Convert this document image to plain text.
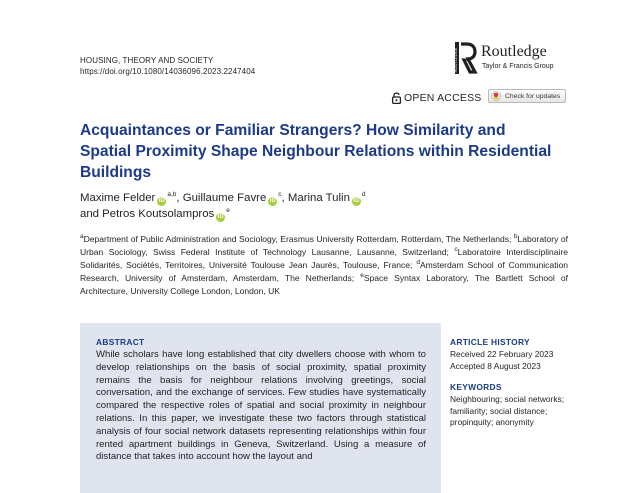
HOUSING, THEORY AND SOCIETY
https://doi.org/10.1080/14036096.2023.2247404	ROUTLEDGE Routledge
Taylor & Francis Group
OPEN ACCESS	Check for updates
Acquaintances or Familiar Strangers? How Similarity and Spatial Proximity Shape Neighbour Relations within Residential Buildings
Maxime Felder iD$^{a,b}$, Guillaume Favre $iD^c$, Marina Tulin $iD^d$
and Petros Koutsolampros $iD^e$
$^a$Department of Public Administration and Sociology, Erasmus University Rotterdam, Rotterdam, The Netherlands; $^b$Laboratory of Urban Sociology, Swiss Federal Institute of Technology Lausanne, Lausanne, Switzerland; $^c$Laboratoire Interdisciplinaire Solidarités, Sociétés, Territoires, Université Toulouse Jean Jaurès, Toulouse, France; $^d$Amsterdam School of Communication Research, University of Amsterdam, Amsterdam, The Netherlands; $^e$Space Syntax Laboratory, The Bartlett School of Architecture, University College London, London, UK
ABSTRACT
While scholars have long established that city dwellers choose with whom to develop relationships on the basis of social proximity, spatial proximity remains the basis for neighbour relations involving greetings, social conversation, and the exchange of services. Few studies have systematically compared the respective roles of spatial and social proximity in neighbour relations. In this paper, we investigate these two factors through statistical analysis of four social network datasets representing relationships within four rented apartment buildings in Geneva, Switzerland. Using a measure of distance that takes into account how the layout and
ARTICLE HISTORY
Received 22 February 2023
Accepted 8 August 2023
KEYWORDS
Neighbouring; social networks; familiarity; social distance; propinquity; anonymity
